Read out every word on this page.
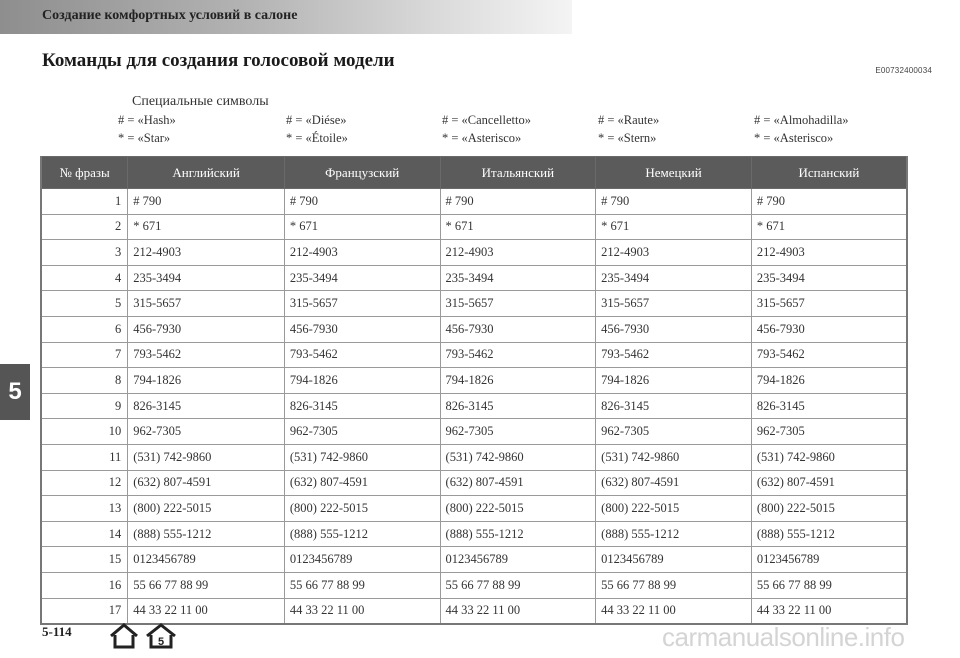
Создание комфортных условий в салоне
Команды для создания голосовой модели	E00732400034
Специальные символы
# = «Hash»	# = «Diése»	# = «Cancelletto»	# = «Raute»	# = «Almohadilla»
* = «Star»	* = «Étoile»	* = «Asterisco»	* = «Stern»	* = «Asterisco»
№ фразы	Английский	Французский	Итальянский	Немецкий	Испанский
1	# 790	# 790	# 790	# 790	# 790
2	* 671	* 671	* 671	* 671	* 671
3	212-4903	212-4903	212-4903	212-4903	212-4903
4	235-3494	235-3494	235-3494	235-3494	235-3494
5	315-5657	315-5657	315-5657	315-5657	315-5657
6	456-7930	456-7930	456-7930	456-7930	456-7930
7	793-5462	793-5462	793-5462	793-5462	793-5462
8	794-1826	794-1826	794-1826	794-1826	794-1826
9	826-3145	826-3145	826-3145	826-3145	826-3145
10	962-7305	962-7305	962-7305	962-7305	962-7305
11	(531) 742-9860	(531) 742-9860	(531) 742-9860	(531) 742-9860	(531) 742-9860
12	(632) 807-4591	(632) 807-4591	(632) 807-4591	(632) 807-4591	(632) 807-4591
13	(800) 222-5015	(800) 222-5015	(800) 222-5015	(800) 222-5015	(800) 222-5015
14	(888) 555-1212	(888) 555-1212	(888) 555-1212	(888) 555-1212	(888) 555-1212
15	0123456789	0123456789	0123456789	0123456789	0123456789
16	55 66 77 88 99	55 66 77 88 99	55 66 77 88 99	55 66 77 88 99	55 66 77 88 99
17	44 33 22 11 00	44 33 22 11 00	44 33 22 11 00	44 33 22 11 00	44 33 22 11 00
5
5-114
5	carmanualsonline.info
